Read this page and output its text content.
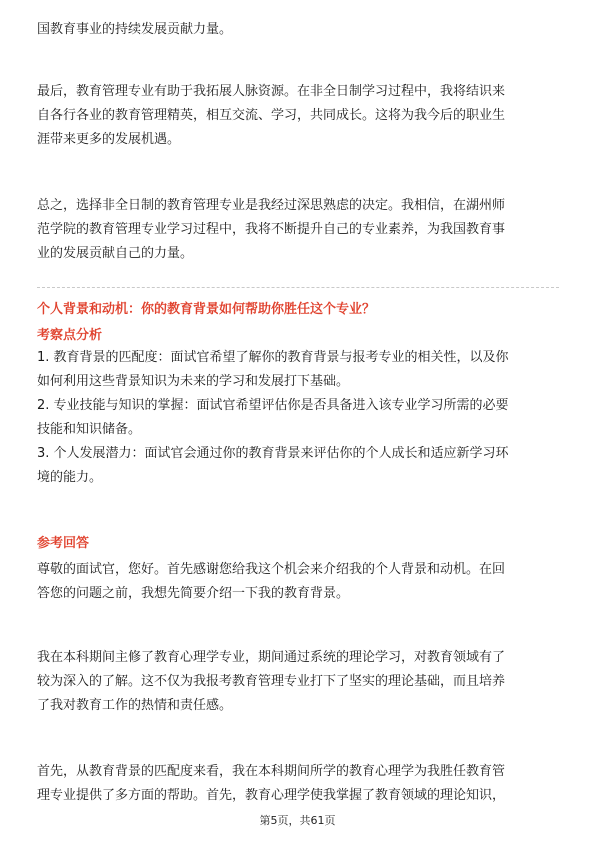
国教育事业的持续发展贡献力量。
最后，教育管理专业有助于我拓展人脉资源。在非全日制学习过程中，我将结识来
自各行各业的教育管理精英，相互交流、学习，共同成长。这将为我今后的职业生
涯带来更多的发展机遇。
总之，选择非全日制的教育管理专业是我经过深思熟虑的决定。我相信，在湖州师
范学院的教育管理专业学习过程中，我将不断提升自己的专业素养，为我国教育事
业的发展贡献自己的力量。

个人背景和动机：你的教育背景如何帮助你胜任这个专业？

考察点分析

1. 教育背景的匹配度：面试官希望了解你的教育背景与报考专业的相关性，以及你
如何利用这些背景知识为未来的学习和发展打下基础。
2. 专业技能与知识的掌握：面试官希望评估你是否具备进入该专业学习所需的必要
技能和知识储备。
3. 个人发展潜力：面试官会通过你的教育背景来评估你的个人成长和适应新学习环
境的能力。

参考回答

尊敬的面试官，您好。首先感谢您给我这个机会来介绍我的个人背景和动机。在回
答您的问题之前，我想先简要介绍一下我的教育背景。
我在本科期间主修了教育心理学专业，期间通过系统的理论学习，对教育领域有了
较为深入的了解。这不仅为我报考教育管理专业打下了坚实的理论基础，而且培养
了我对教育工作的热情和责任感。
首先，从教育背景的匹配度来看，我在本科期间所学的教育心理学为我胜任教育管
理专业提供了多方面的帮助。首先，教育心理学使我掌握了教育领域的理论知识，
第5页，共61页
